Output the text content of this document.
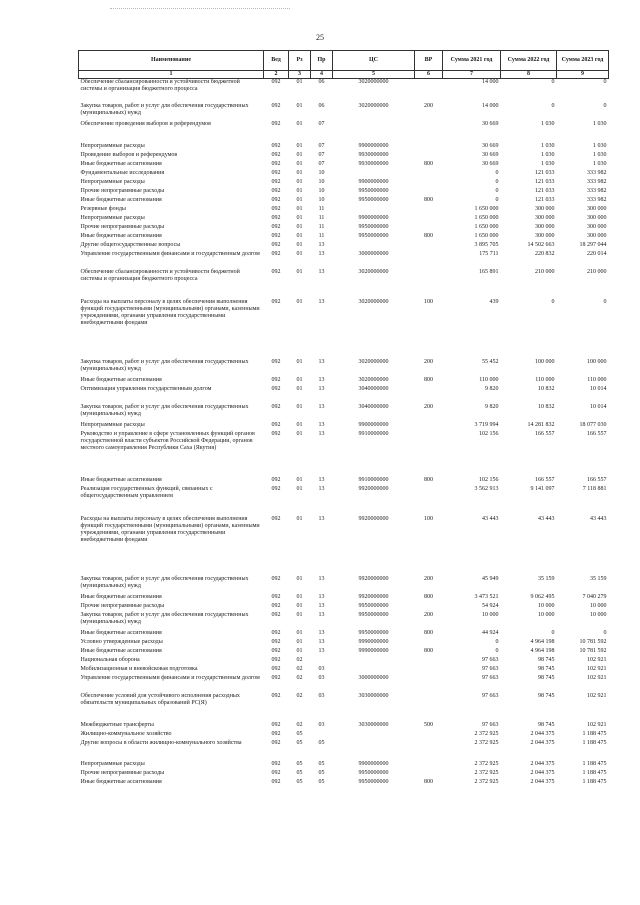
25
Наименование	Вед	Рз	Пр	ЦС	ВР	Сумма 2021 год	Сумма 2022 год	Сумма 2023 год
1	2	3	4	5	6	7	8	9
Обеспечение сбалансированности и устойчивости бюджетной системы и организация бюджетного процесса	092	01	06	3020000000		14 000	0	0
Закупка товаров, работ и услуг для обеспечения государственных (муниципальных) нужд	092	01	06	3020000000	200	14 000	0	0
Обеспечение проведения выборов и референдумов	092	01	07			30 669	1 030	1 030
Непрограммные расходы	092	01	07	9900000000		30 669	1 030	1 030
Проведение выборов и референдумов	092	01	07	9930000000		30 669	1 030	1 030
Иные бюджетные ассигнования	092	01	07	9930000000	800	30 669	1 030	1 030
Фундаментальные исследования	092	01	10			0	121 033	333 982
Непрограммные расходы	092	01	10	9900000000		0	121 033	333 982
Прочие непрограммные расходы	092	01	10	9950000000		0	121 033	333 982
Иные бюджетные ассигнования	092	01	10	9950000000	800	0	121 033	333 982
Резервные фонды	092	01	11			1 650 000	300 000	300 000
Непрограммные расходы	092	01	11	9900000000		1 650 000	300 000	300 000
Прочие непрограммные расходы	092	01	11	9950000000		1 650 000	300 000	300 000
Иные бюджетные ассигнования	092	01	11	9950000000	800	1 650 000	300 000	300 000
Другие общегосударственные вопросы	092	01	13			3 895 705	14 502 663	18 297 044
Управление государственными финансами и государственным долгом	092	01	13	3000000000		175 711	220 832	220 014
Обеспечение сбалансированности и устойчивости бюджетной системы и организация бюджетного процесса	092	01	13	3020000000		165 891	210 000	210 000
Расходы на выплаты персоналу в целях обеспечения выполнения функций государственными (муниципальными) органами, казенными учреждениями, органами управления государственными внебюджетными фондами	092	01	13	3020000000	100	439	0	0
Закупка товаров, работ и услуг для обеспечения государственных (муниципальных) нужд	092	01	13	3020000000	200	55 452	100 000	100 000
Иные бюджетные ассигнования	092	01	13	3020000000	800	110 000	110 000	110 000
Оптимизация управления государственным долгом	092	01	13	3040000000		9 820	10 832	10 014
Закупка товаров, работ и услуг для обеспечения государственных (муниципальных) нужд	092	01	13	3040000000	200	9 820	10 832	10 014
Непрограммные расходы	092	01	13	9900000000		3 719 994	14 281 832	18 077 030
Руководство и управление в сфере установленных функций органов государственной власти субъектов Российской Федерации, органов местного самоуправления Республики Саха (Якутия)	092	01	13	9910000000		102 156	166 557	166 557
Иные бюджетные ассигнования	092	01	13	9910000000	800	102 156	166 557	166 557
Реализация государственных функций, связанных с общегосударственным управлением	092	01	13	9920000000		3 562 913	9 141 097	7 118 881
Расходы на выплаты персоналу в целях обеспечения выполнения функций государственными (муниципальными) органами, казенными учреждениями, органами управления государственными внебюджетными фондами	092	01	13	9920000000	100	43 443	43 443	43 443
Закупка товаров, работ и услуг для обеспечения государственных (муниципальных) нужд	092	01	13	9920000000	200	45 949	35 159	35 159
Иные бюджетные ассигнования	092	01	13	9920000000	800	3 473 521	9 062 495	7 040 279
Прочие непрограммные расходы	092	01	13	9950000000		54 924	10 000	10 000
Закупка товаров, работ и услуг для обеспечения государственных (муниципальных) нужд	092	01	13	9950000000	200	10 000	10 000	10 000
Иные бюджетные ассигнования	092	01	13	9950000000	800	44 924	0	0
Условно утвержденные расходы	092	01	13	9990000000		0	4 964 198	10 781 592
Иные бюджетные ассигнования	092	01	13	9990000000	800	0	4 964 198	10 781 592
Национальная оборона	092	02				97 663	98 745	102 921
Мобилизационная и вневойсковая подготовка	092	02	03			97 663	98 745	102 921
Управление государственными финансами и государственным долгом	092	02	03	3000000000		97 663	98 745	102 921
Обеспечение условий для устойчивого исполнения расходных обязательств муниципальных образований РС(Я)	092	02	03	3030000000		97 663	98 745	102 921
Межбюджетные трансферты	092	02	03	3030000000	500	97 663	98 745	102 921
Жилищно-коммунальное хозяйство	092	05				2 372 925	2 044 375	1 188 475
Другие вопросы в области жилищно-коммунального хозяйства	092	05	05			2 372 925	2 044 375	1 188 475
Непрограммные расходы	092	05	05	9900000000		2 372 925	2 044 375	1 188 475
Прочие непрограммные расходы	092	05	05	9950000000		2 372 925	2 044 375	1 188 475
Иные бюджетные ассигнования	092	05	05	9950000000	800	2 372 925	2 044 375	1 188 475
